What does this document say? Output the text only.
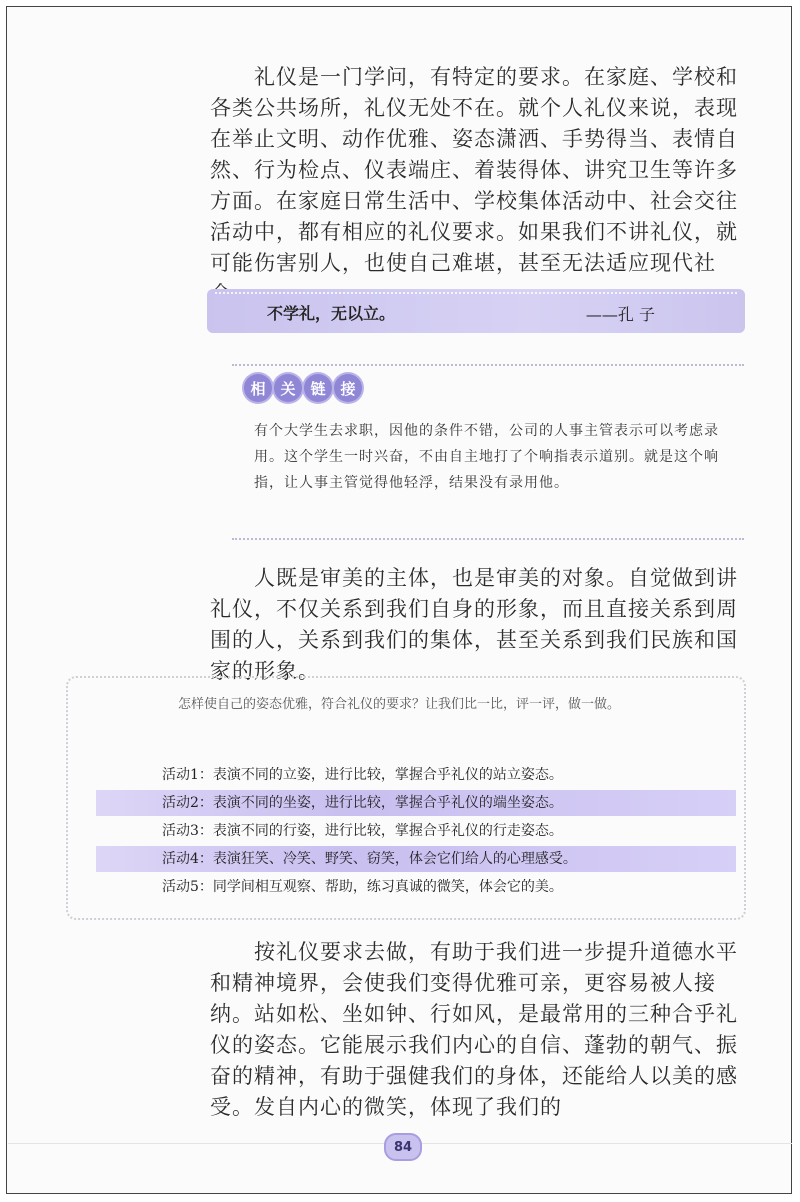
礼仪是一门学问，有特定的要求。在家庭、学校和各类公共场所，礼仪无处不在。就个人礼仪来说，表现在举止文明、动作优雅、姿态潇洒、手势得当、表情自然、行为检点、仪表端庄、着装得体、讲究卫生等许多方面。在家庭日常生活中、学校集体活动中、社会交往活动中，都有相应的礼仪要求。如果我们不讲礼仪，就可能伤害别人，也使自己难堪，甚至无法适应现代社
不学礼，无以立。	——孔 子
相 关 链 接
有个大学生去求职，因他的条件不错，公司的人事主管表示可以考虑录用。这个学生一时兴奋，不由自主地打了个响指表示道别。就是这个响指，让人事主管觉得他轻浮，结果没有录用他。
人既是审美的主体，也是审美的对象。自觉做到讲礼仪，不仅关系到我们自身的形象，而且直接关系到周围的人，关系到我们的集体，甚至关系到我们民族和国家的形象。
怎样使自己的姿态优雅，符合礼仪的要求？让我们比一比，评一评，做一做。
活动1：表演不同的立姿，进行比较，掌握合乎礼仪的站立姿态。
活动2：表演不同的坐姿，进行比较，掌握合乎礼仪的端坐姿态。
活动3：表演不同的行姿，进行比较，掌握合乎礼仪的行走姿态。
活动4：表演狂笑、冷笑、野笑、窃笑，体会它们给人的心理感受。
活动5：同学间相互观察、帮助，练习真诚的微笑，体会它的美。
按礼仪要求去做，有助于我们进一步提升道德水平和精神境界，会使我们变得优雅可亲，更容易被人接纳。站如松、坐如钟、行如风，是最常用的三种合乎礼仪的姿态。它能展示我们内心的自信、蓬勃的朝气、振奋的精神，有助于强健我们的身体，还能给人以美的感受。发自内心的微笑，体现了我们的
84
